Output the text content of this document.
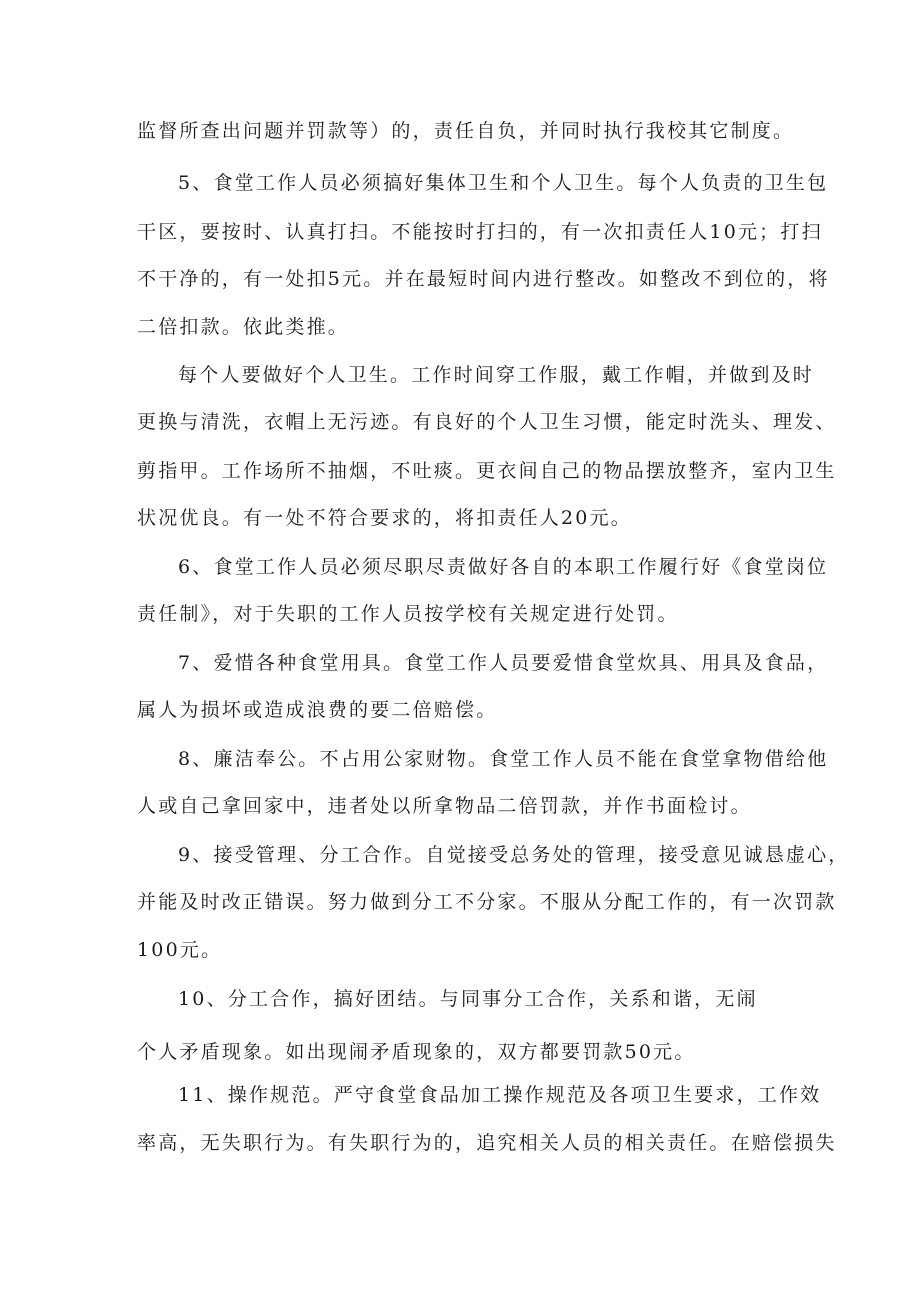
监督所查出问题并罚款等）的，责任自负，并同时执行我校其它制度。
5、食堂工作人员必须搞好集体卫生和个人卫生。每个人负责的卫生包
干区，要按时、认真打扫。不能按时打扫的，有一次扣责任人10元；打扫
不干净的，有一处扣5元。并在最短时间内进行整改。如整改不到位的，将
二倍扣款。依此类推。
每个人要做好个人卫生。工作时间穿工作服，戴工作帽，并做到及时
更换与清洗，衣帽上无污迹。有良好的个人卫生习惯，能定时洗头、理发、
剪指甲。工作场所不抽烟，不吐痰。更衣间自己的物品摆放整齐，室内卫生
状况优良。有一处不符合要求的，将扣责任人20元。
6、食堂工作人员必须尽职尽责做好各自的本职工作履行好《食堂岗位
责任制》，对于失职的工作人员按学校有关规定进行处罚。
7、爱惜各种食堂用具。食堂工作人员要爱惜食堂炊具、用具及食品，
属人为损坏或造成浪费的要二倍赔偿。
8、廉洁奉公。不占用公家财物。食堂工作人员不能在食堂拿物借给他
人或自己拿回家中，违者处以所拿物品二倍罚款，并作书面检讨。
9、接受管理、分工合作。自觉接受总务处的管理，接受意见诚恳虚心，
并能及时改正错误。努力做到分工不分家。不服从分配工作的，有一次罚款
100元。
10、分工合作，搞好团结。与同事分工合作，关系和谐，无闹
个人矛盾现象。如出现闹矛盾现象的，双方都要罚款50元。
11、操作规范。严守食堂食品加工操作规范及各项卫生要求，工作效
率高，无失职行为。有失职行为的，追究相关人员的相关责任。在赔偿损失
